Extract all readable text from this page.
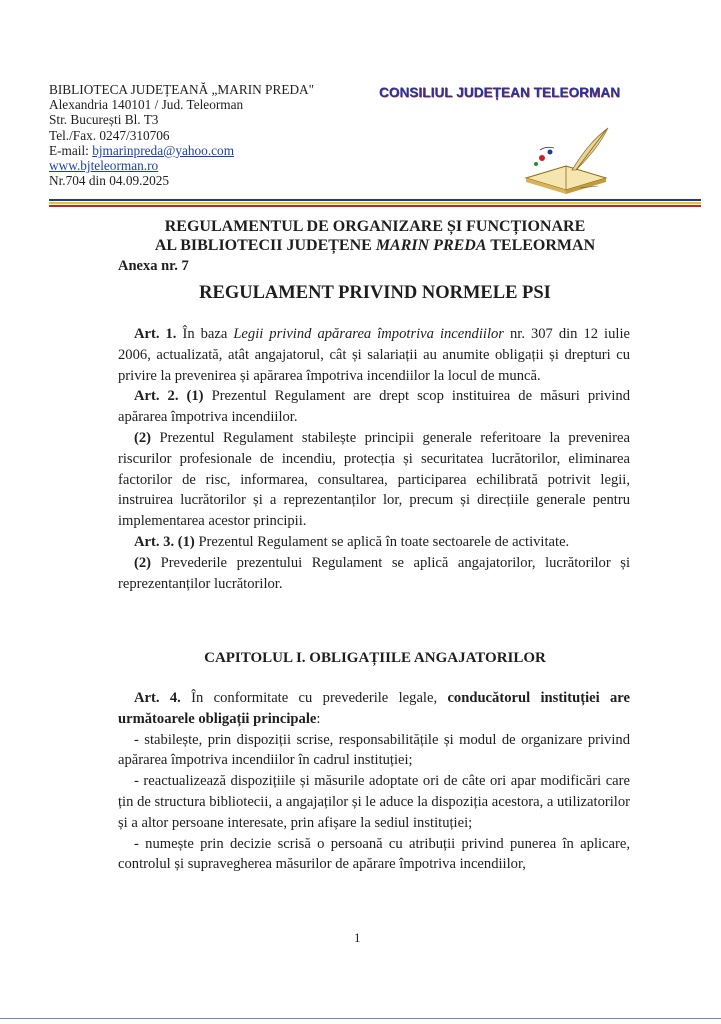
BIBLIOTECA JUDEȚEANĂ „MARIN PREDA"
Alexandria 140101 / Jud. Teleorman
Str. București Bl. T3
Tel./Fax. 0247/310706
E-mail: bjmarinpreda@yahoo.com
www.bjteleorman.ro
Nr.704 din 04.09.2025
CONSILIUL JUDEȚEAN TELEORMAN
REGULAMENTUL DE ORGANIZARE ȘI FUNCȚIONARE
AL BIBLIOTECII JUDEȚENE MARIN PREDA TELEORMAN
Anexa nr. 7
REGULAMENT PRIVIND NORMELE PSI

Art. 1. În baza Legii privind apărarea împotriva incendiilor nr. 307 din 12 iulie 2006, actualizată, atât angajatorul, cât și salariații au anumite obligații și drepturi cu privire la prevenirea și apărarea împotriva incendiilor la locul de muncă.

Art. 2. (1) Prezentul Regulament are drept scop instituirea de măsuri privind apărarea împotriva incendiilor.

(2) Prezentul Regulament stabilește principii generale referitoare la prevenirea riscurilor profesionale de incendiu, protecția și securitatea lucrătorilor, eliminarea factorilor de risc, informarea, consultarea, participarea echilibrată potrivit legii, instruirea lucrătorilor și a reprezentanților lor, precum și direcțiile generale pentru implementarea acestor principii.

Art. 3. (1) Prezentul Regulament se aplică în toate sectoarele de activitate.

(2) Prevederile prezentului Regulament se aplică angajatorilor, lucrătorilor și reprezentanților lucrătorilor.

CAPITOLUL I. OBLIGAȚIILE ANGAJATORILOR

Art. 4. În conformitate cu prevederile legale, conducătorul instituției are următoarele obligații principale:

- stabilește, prin dispoziții scrise, responsabilitățile și modul de organizare privind apărarea împotriva incendiilor în cadrul instituției;

- reactualizează dispozițiile și măsurile adoptate ori de câte ori apar modificări care țin de structura bibliotecii, a angajaților și le aduce la dispoziția acestora, a utilizatorilor și a altor persoane interesate, prin afișare la sediul instituției;

- numește prin decizie scrisă o persoană cu atribuții privind punerea în aplicare, controlul și supravegherea măsurilor de apărare împotriva incendiilor,

1
